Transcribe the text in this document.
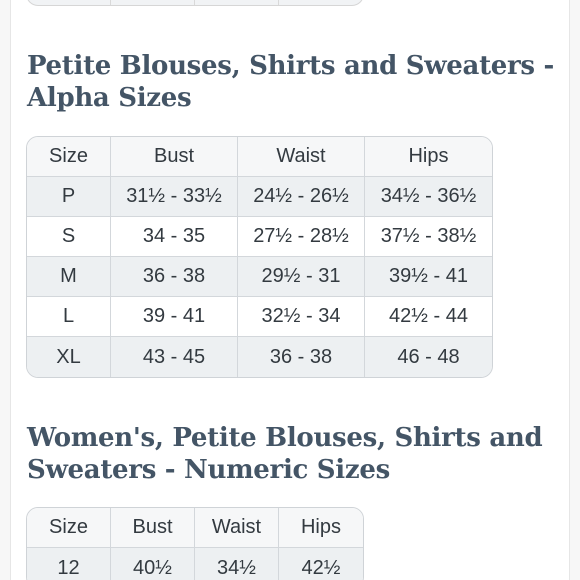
Petite Blouses, Shirts and Sweaters -
Alpha Sizes
Size	Bust	Waist	Hips
P	31½ - 33½	24½ - 26½	34½ - 36½
S	34 - 35	27½ - 28½	37½ - 38½
M	36 - 38	29½ - 31	39½ - 41
L	39 - 41	32½ - 34	42½ - 44
XL	43 - 45	36 - 38	46 - 48
Women's, Petite Blouses, Shirts and
Sweaters - Numeric Sizes
Size	Bust	Waist	Hips
12	40½	34½	42½
